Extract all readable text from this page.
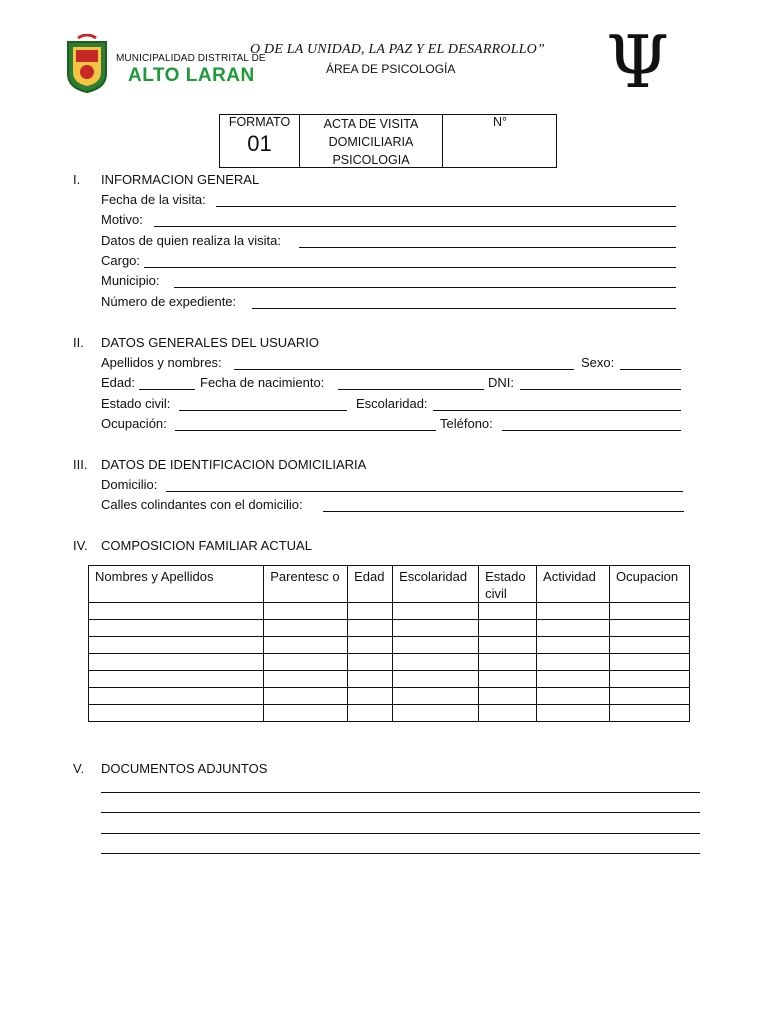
MUNICIPALIDAD DISTRITAL DE
ALTO LARAN
O DE LA UNIDAD, LA PAZ Y EL DESARROLLO”
ÁREA DE PSICOLOGÍA Ψ
FORMATO
01
ACTA DE VISITA
DOMICILIARIA
PSICOLOGIA
N°
I. INFORMACION GENERAL
Fecha de la visita:
Motivo:
Datos de quien realiza la visita:
Cargo:
Municipio:
Número de expediente:
II. DATOS GENERALES DEL USUARIO
Apellidos y nombres:	Sexo:
Edad:	Fecha de nacimiento:	DNI:
Estado civil:	Escolaridad:
Ocupación:	Teléfono:
III. DATOS DE IDENTIFICACION DOMICILIARIA
Domicilio:
Calles colindantes con el domicilio:
IV. COMPOSICION FAMILIAR ACTUAL
Nombres y Apellidos	Parentesc o	Edad	Escolaridad	Estado civil	Actividad	Ocupacion

V. DOCUMENTOS ADJUNTOS
